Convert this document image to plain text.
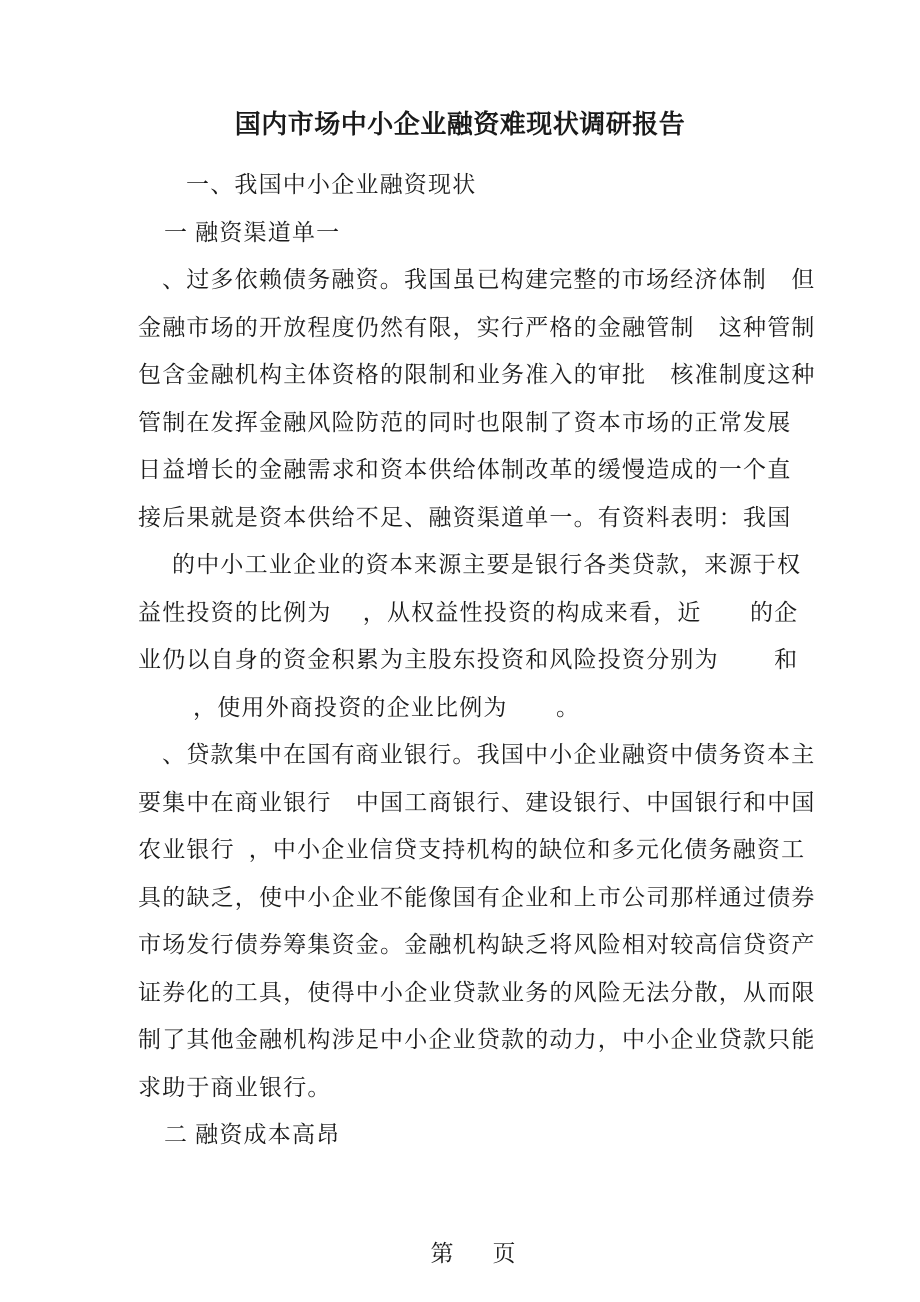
国内市场中小企业融资难现状调研报告
一、我国中小企业融资现状
一 融资渠道单一
、过多依赖债务融资。我国虽已构建完整的市场经济体制　但
金融市场的开放程度仍然有限，实行严格的金融管制　这种管制
包含金融机构主体资格的限制和业务准入的审批　核准制度这种
管制在发挥金融风险防范的同时也限制了资本市场的正常发展
日益增长的金融需求和资本供给体制改革的缓慢造成的一个直
接后果就是资本供给不足、融资渠道单一。有资料表明：我国
的中小工业企业的资本来源主要是银行各类贷款，来源于权
益性投资的比例为　 ，从权益性投资的构成来看，近　　的企
业仍以自身的资金积累为主股东投资和风险投资分别为　　 和
，使用外商投资的企业比例为　　。
、贷款集中在国有商业银行。我国中小企业融资中债务资本主
要集中在商业银行　中国工商银行、建设银行、中国银行和中国
农业银行  ，中小企业信贷支持机构的缺位和多元化债务融资工
具的缺乏，使中小企业不能像国有企业和上市公司那样通过债券
市场发行债券筹集资金。金融机构缺乏将风险相对较高信贷资产
证券化的工具，使得中小企业贷款业务的风险无法分散，从而限
制了其他金融机构涉足中小企业贷款的动力，中小企业贷款只能
求助于商业银行。
二 融资成本高昂

第 页
